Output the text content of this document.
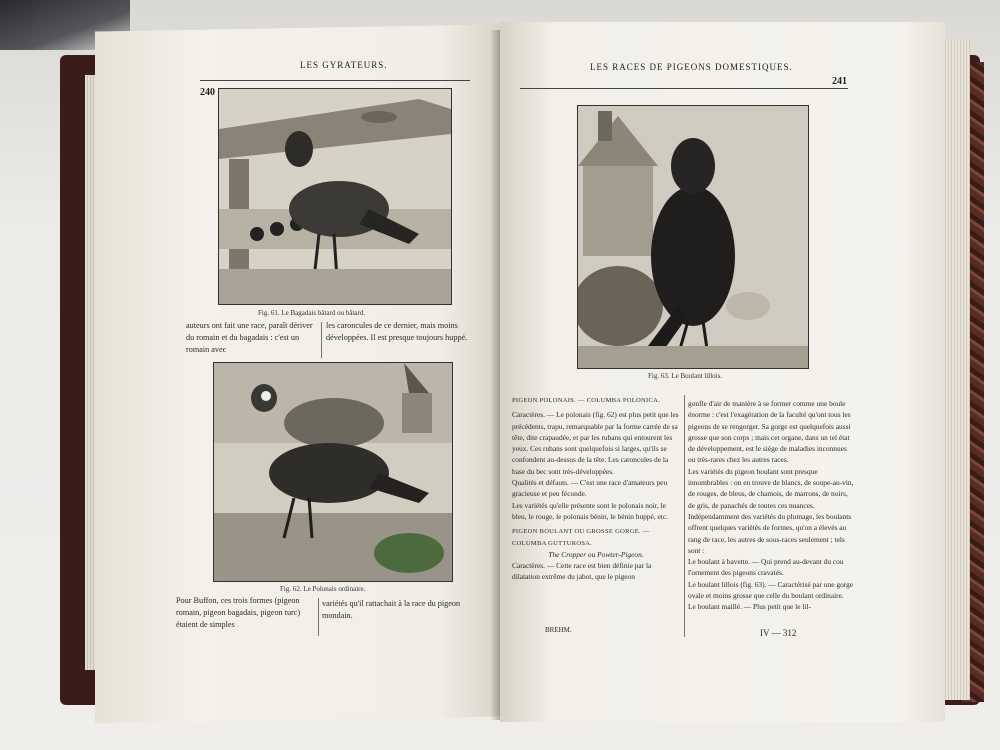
LES GYRATEURS.
240
Fig. 61. Le Bagadais bâtard ou bâtard.
auteurs ont fait une race, paraît dériver du romain et du bagadais : c'est un romain avec
les caroncules de ce dernier, mais moins développées. Il est presque toujours huppé.
Fig. 62. Le Polonais ordinaire.
Pour Buffon, ces trois formes (pigeon romain, pigeon bagadais, pigeon turc) étaient de simples
variétés qu'il rattachait à la race du pigeon mondain.
LES RACES DE PIGEONS DOMESTIQUES.
241
Fig. 63. Le Boulant lillois.
PIGEON POLONAIS. — COLUMBA POLONICA.
Caractères. — Le polonais (fig. 62) est plus petit que les précédents, trapu, remarquable par la forme carrée de sa tête, dite crapaudée, et par les rubans qui entourent les yeux. Ces rubans sont quelquefois si larges, qu'ils se confondent au-dessus de la tête. Les caroncules de la base du bec sont très-développées.
Qualités et défauts. — C'est une race d'amateurs peu gracieuse et peu féconde.
Les variétés qu'elle présente sont le polonais noir, le bleu, le rouge, le polonais bénin, le bénin huppé, etc.
PIGEON BOULANT OU GROSSE GORGE. — COLUMBA GUTTUROSA.
The Cropper ou Powter-Pigeon.
Caractères. — Cette race est bien définie par la dilatation extrême du jabot, que le pigeon
gonfle d'air de manière à se former comme une boule énorme : c'est l'exagération de la faculté qu'ont tous les pigeons de se rengorger. Sa gorge est quelquefois aussi grosse que son corps ; mais cet organe, dans un tel état de développement, est le siège de maladies inconnues ou très-rares chez les autres races.
Les variétés du pigeon boulant sont presque innombrables : on en trouve de blancs, de soupe-au-vin, de rouges, de bleus, de chamois, de marrons, de noirs, de gris, de panachés de toutes ces nuances.
Indépendamment des variétés du plumage, les boulants offrent quelques variétés de formes, qu'on a élevés au rang de race, les autres de sous-races seulement ; tels sont :
Le boulant à bavette. — Qui prend au-devant du cou l'ornement des pigeons cravatés.
Le boulant lillois (fig. 63). — Caractérisé par une gorge ovale et moins grosse que celle du boulant ordinaire.
Le boulant maillé. — Plus petit que le lil-
BREHM.	IV — 312
